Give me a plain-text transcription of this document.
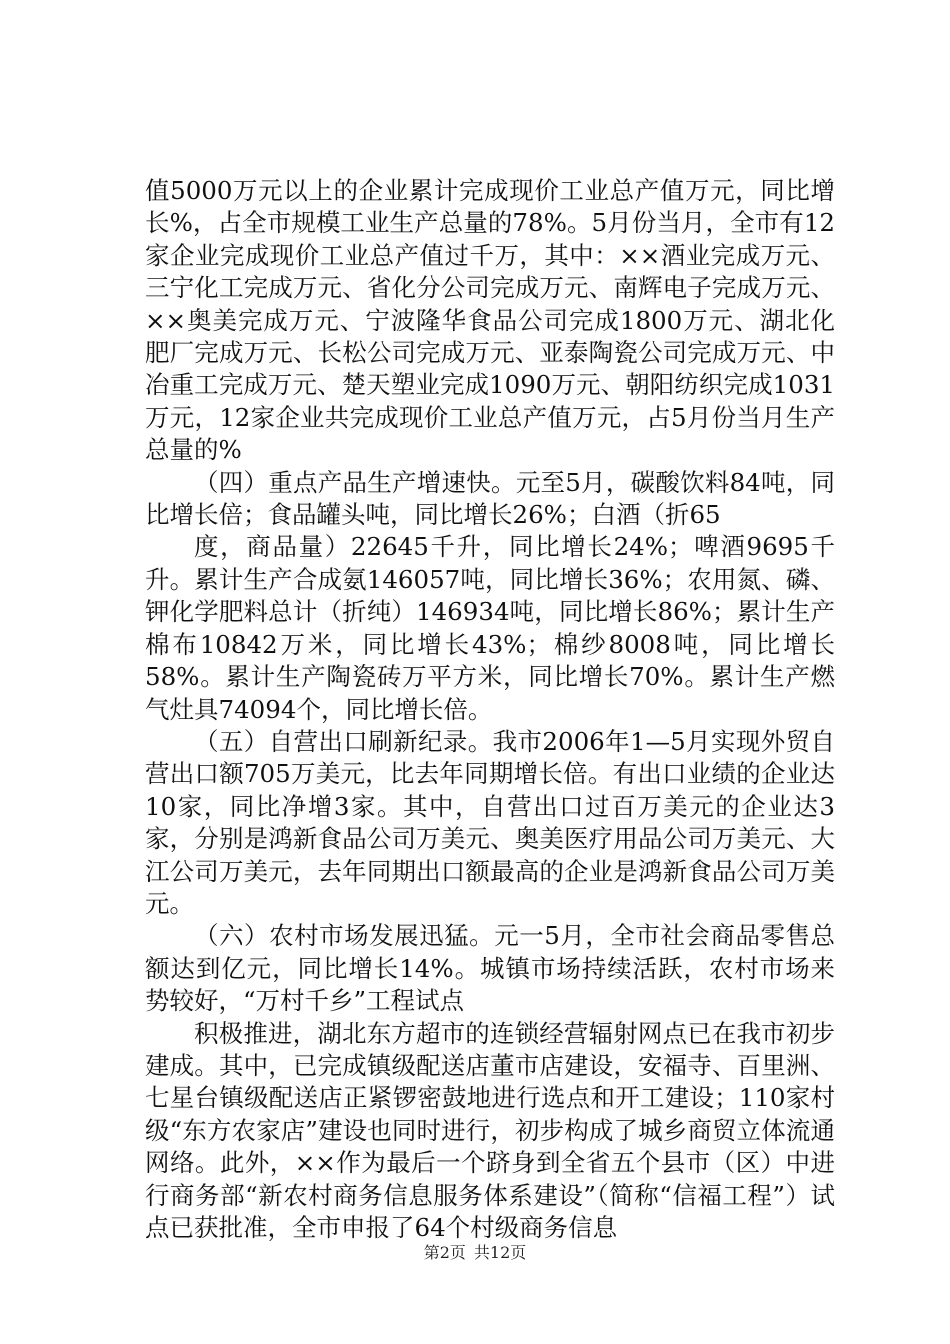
值5000万元以上的企业累计完成现价工业总产值万元，同比增长%，占全市规模工业生产总量的78%。5月份当月，全市有12家企业完成现价工业总产值过千万，其中：××酒业完成万元、三宁化工完成万元、省化分公司完成万元、南辉电子完成万元、××奥美完成万元、宁波隆华食品公司完成1800万元、湖北化肥厂完成万元、长松公司完成万元、亚泰陶瓷公司完成万元、中冶重工完成万元、楚天塑业完成1090万元、朝阳纺织完成1031万元，12家企业共完成现价工业总产值万元，占5月份当月生产总量的%

（四）重点产品生产增速快。元至5月，碳酸饮料84吨，同比增长倍；食品罐头吨，同比增长26%；白酒（折65

度，商品量）22645千升，同比增长24%；啤酒9695千升。累计生产合成氨146057吨，同比增长36%；农用氮、磷、钾化学肥料总计（折纯）146934吨，同比增长86%；累计生产棉布10842万米，同比增长43%；棉纱8008吨，同比增长58%。累计生产陶瓷砖万平方米，同比增长70%。累计生产燃气灶具74094个，同比增长倍。

（五）自营出口刷新纪录。我市2006年1—5月实现外贸自营出口额705万美元，比去年同期增长倍。有出口业绩的企业达10家，同比净增3家。其中，自营出口过百万美元的企业达3家，分别是鸿新食品公司万美元、奥美医疗用品公司万美元、大江公司万美元，去年同期出口额最高的企业是鸿新食品公司万美元。

（六）农村市场发展迅猛。元一5月，全市社会商品零售总额达到亿元，同比增长14%。城镇市场持续活跃，农村市场来势较好，“万村千乡”工程试点

积极推进，湖北东方超市的连锁经营辐射网点已在我市初步建成。其中，已完成镇级配送店董市店建设，安福寺、百里洲、七星台镇级配送店正紧锣密鼓地进行选点和开工建设；110家村级“东方农家店”建设也同时进行，初步构成了城乡商贸立体流通网络。此外，××作为最后一个跻身到全省五个县市（区）中进行商务部“新农村商务信息服务体系建设”（简称“信福工程”）试点已获批准，全市申报了64个村级商务信息

第2页 共12页
